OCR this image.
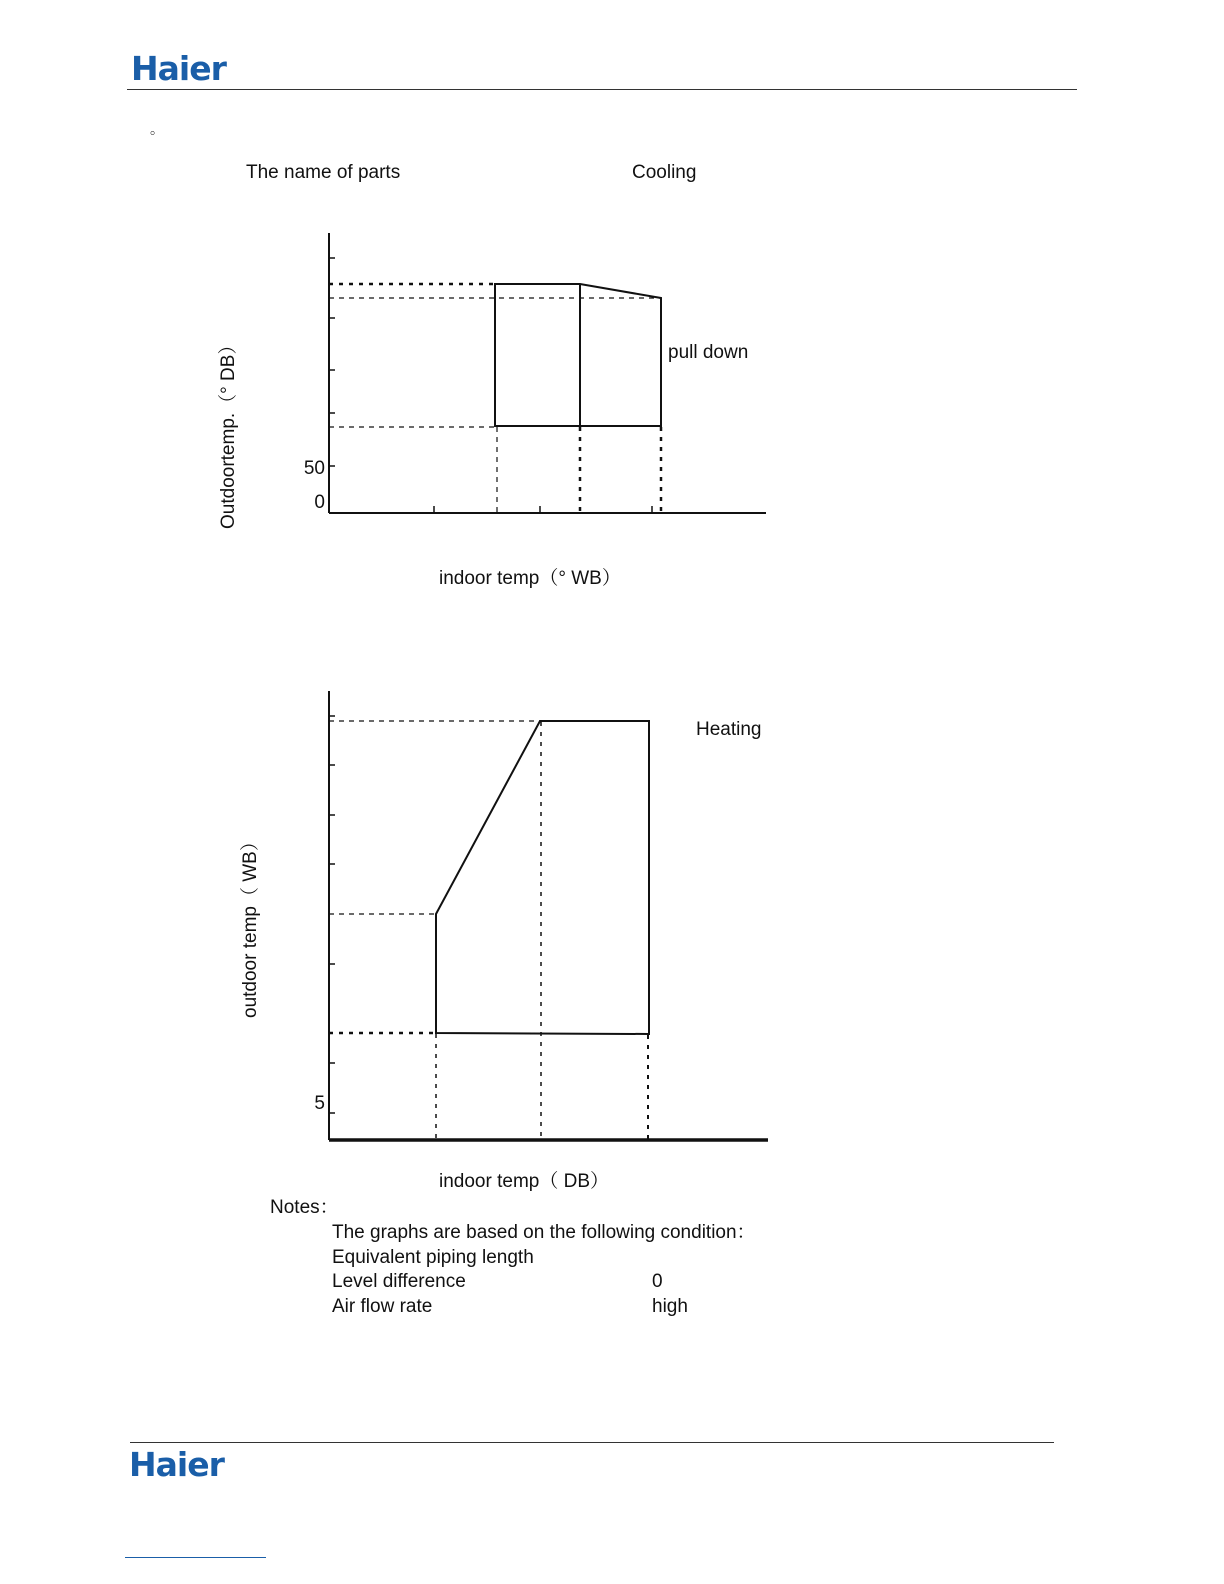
Haier
。
The name of parts	Cooling
50
0
pull down
Outdoortemp.（° DB）
indoor temp（° WB）
5
Heating
outdoor temp（ WB）
indoor temp（ DB）
Notes：
The graphs are based on the following condition：
Equivalent piping length
Level difference	0
Air flow rate	high
Haier
